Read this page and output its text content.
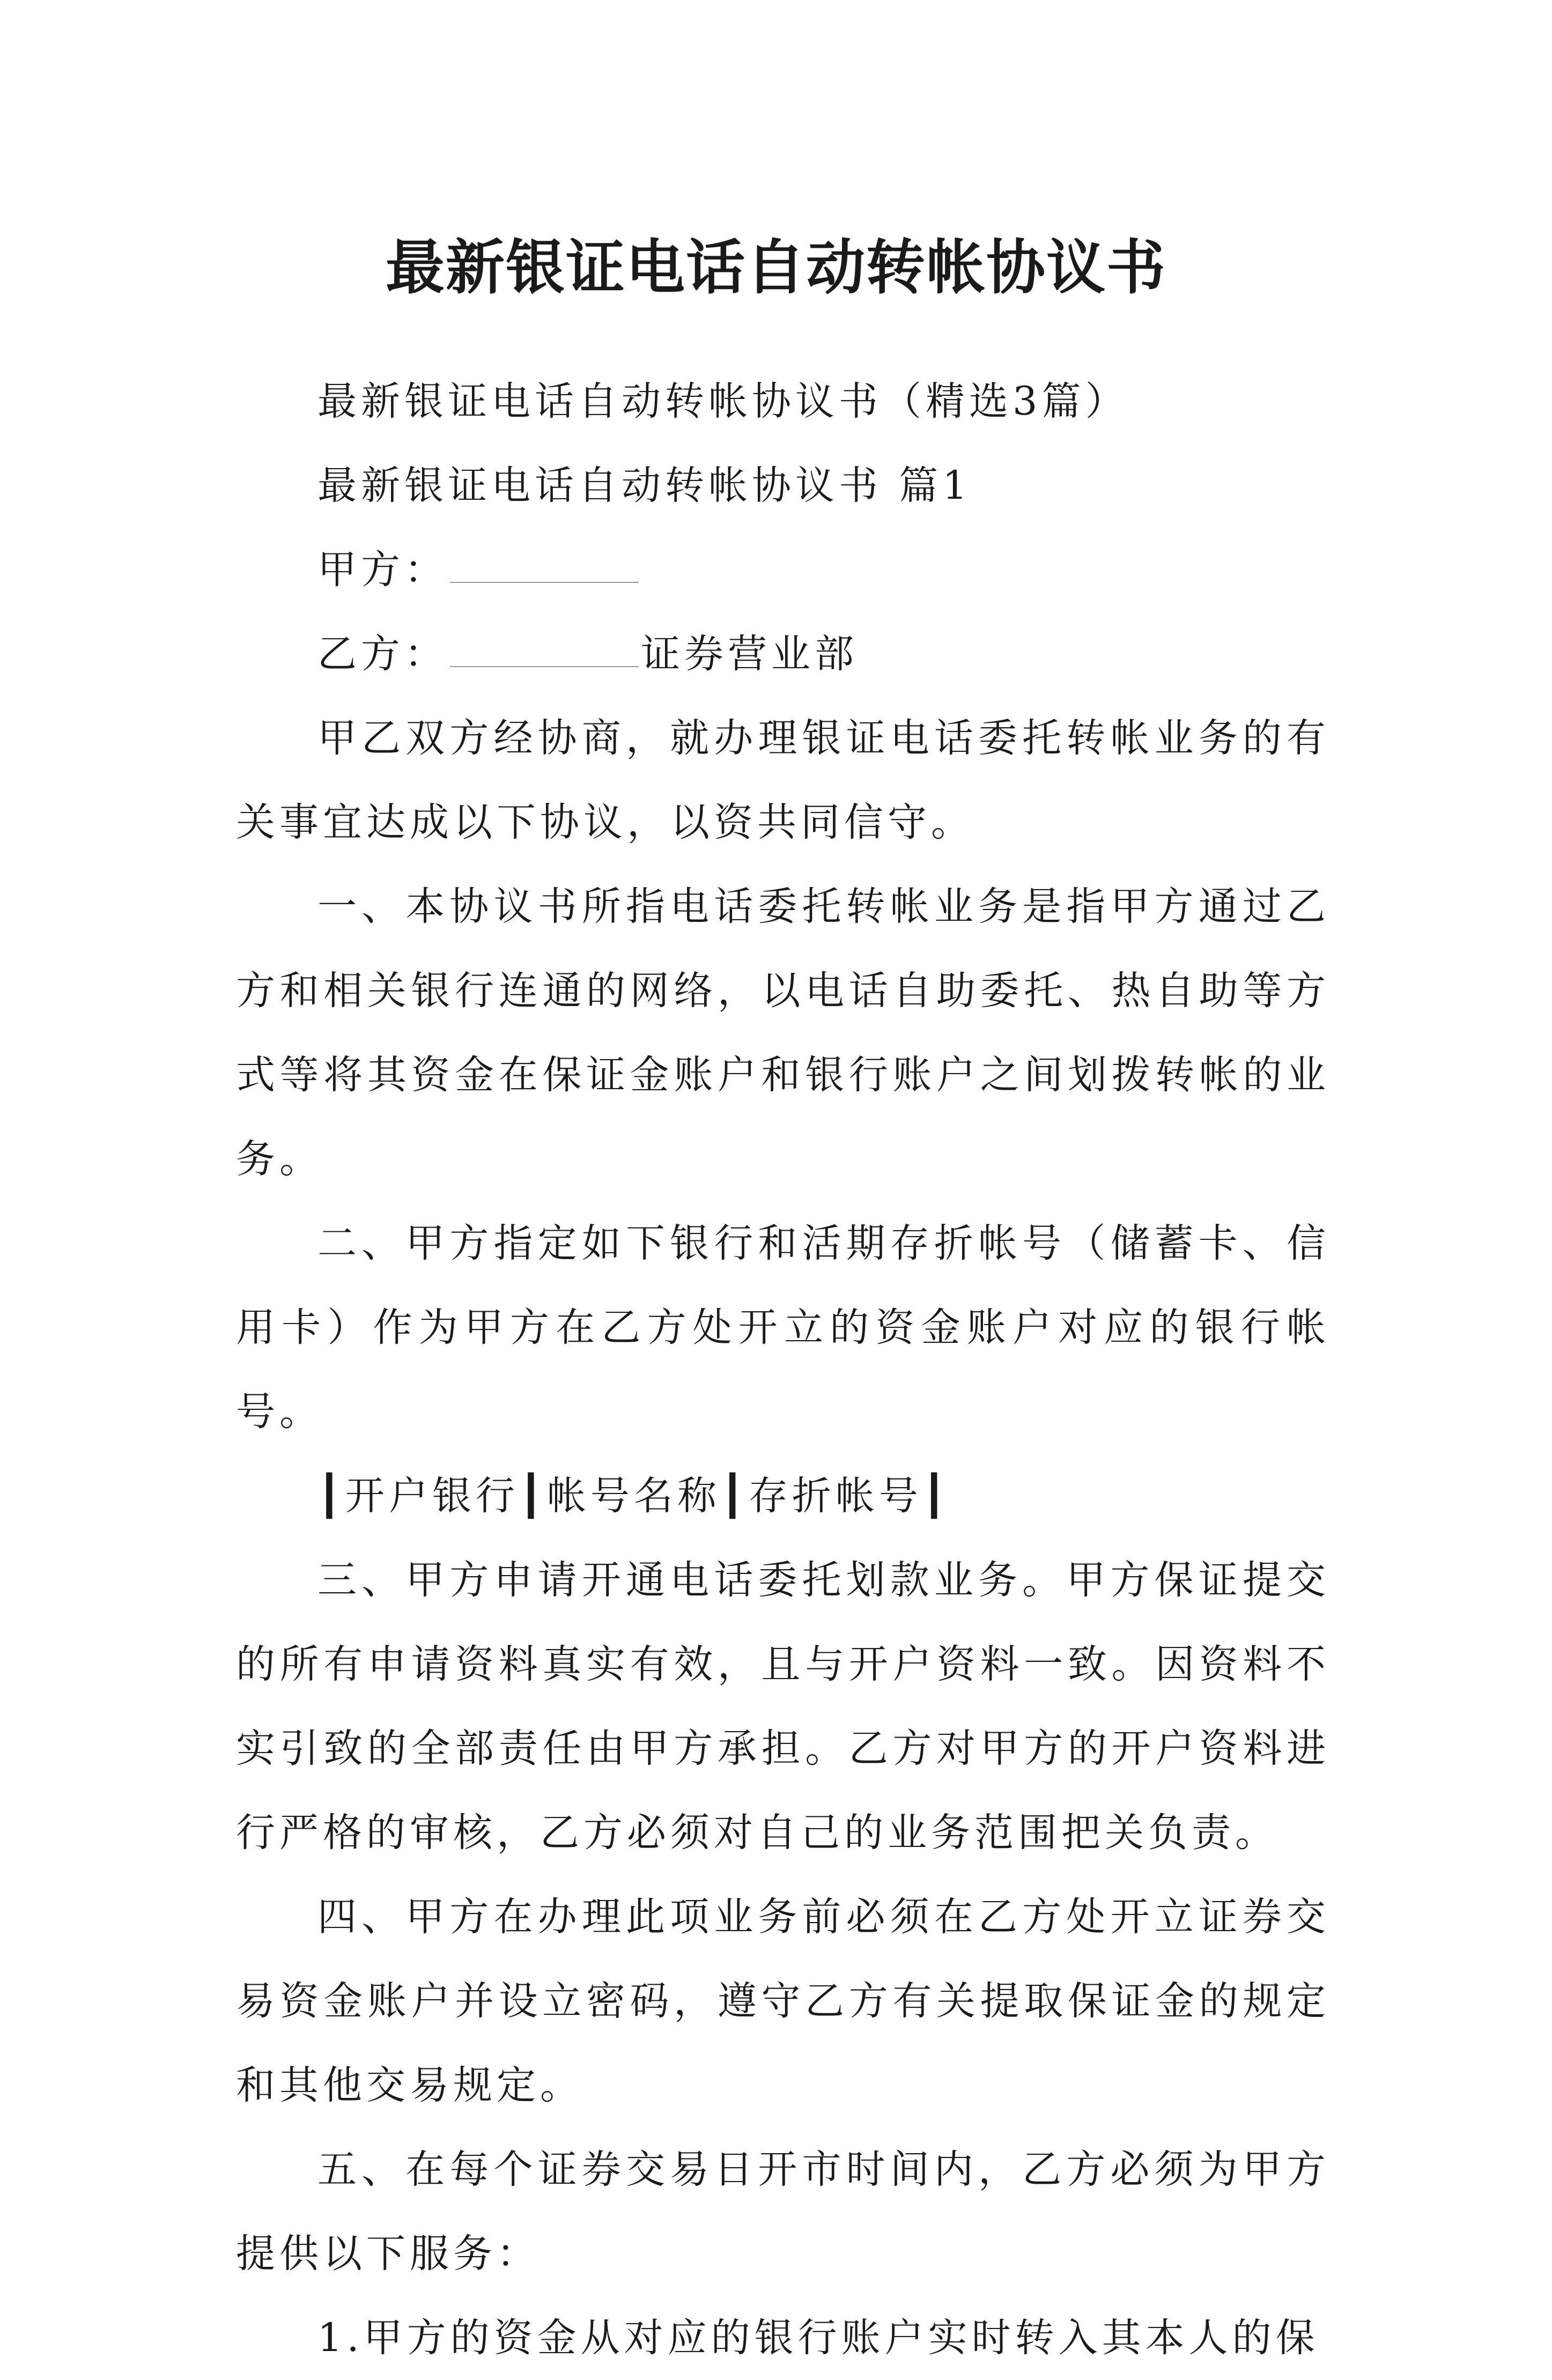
最新银证电话自动转帐协议书

最新银证电话自动转帐协议书（精选3篇）

最新银证电话自动转帐协议书 篇1

甲方：

乙方：	证券营业部

甲乙双方经协商，就办理银证电话委托转帐业务的有关事宜达成以下协议，以资共同信守。

一、本协议书所指电话委托转帐业务是指甲方通过乙方和相关银行连通的网络，以电话自助委托、热自助等方式等将其资金在保证金账户和银行账户之间划拨转帐的业务。

二、甲方指定如下银行和活期存折帐号（储蓄卡、信用卡）作为甲方在乙方处开立的资金账户对应的银行帐号。

┃开户银行┃帐号名称┃存折帐号┃

三、甲方申请开通电话委托划款业务。甲方保证提交的所有申请资料真实有效，且与开户资料一致。因资料不实引致的全部责任由甲方承担。乙方对甲方的开户资料进行严格的审核，乙方必须对自己的业务范围把关负责。

四、甲方在办理此项业务前必须在乙方处开立证券交易资金账户并设立密码，遵守乙方有关提取保证金的规定和其他交易规定。

五、在每个证券交易日开市时间内，乙方必须为甲方提供以下服务：

1.甲方的资金从对应的银行账户实时转入其本人的保
